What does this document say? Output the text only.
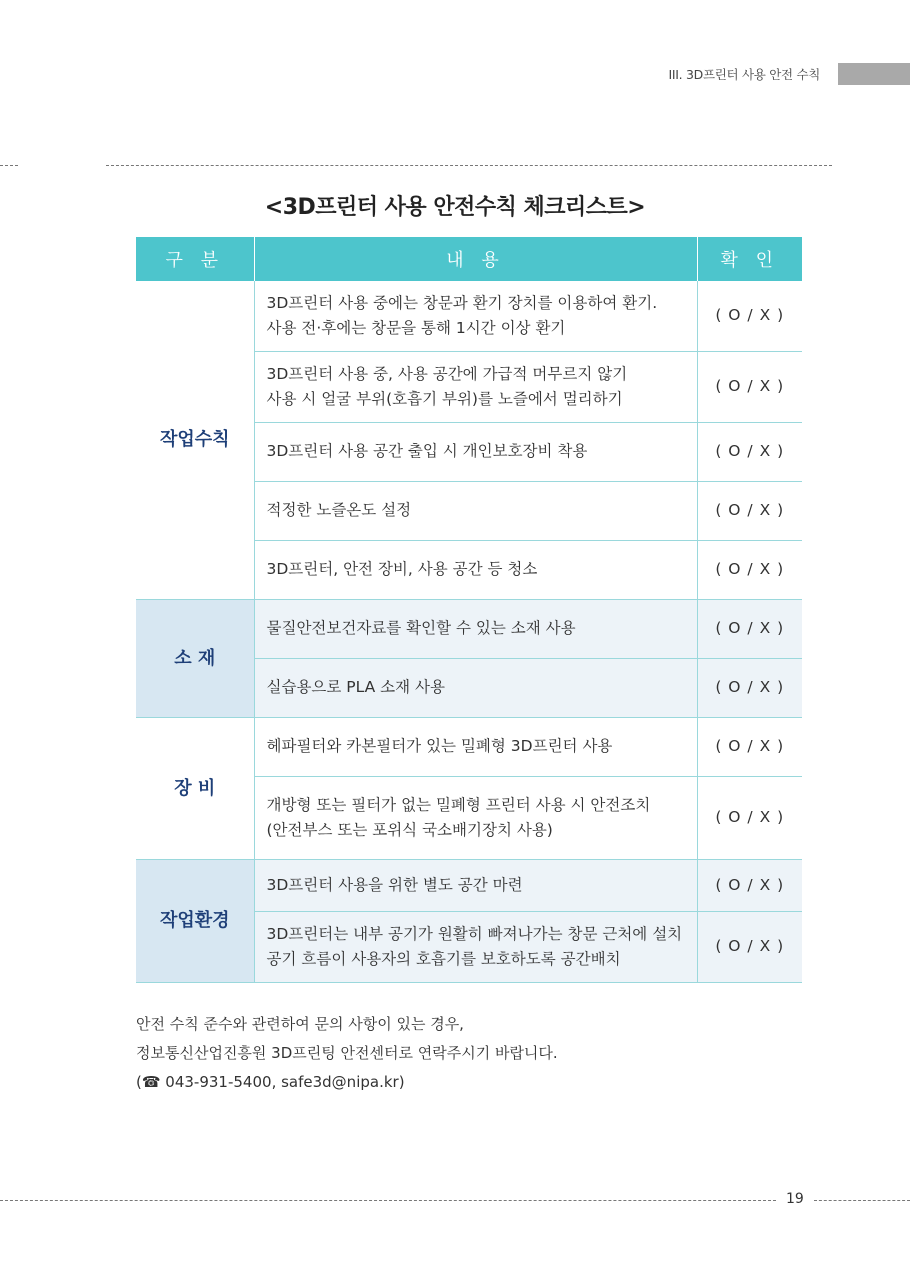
III. 3D프린터 사용 안전 수칙
<3D프린터 사용 안전수칙 체크리스트>
구 분	내 용	확 인
작업수칙	3D프린터 사용 중에는 창문과 환기 장치를 이용하여 환기.
사용 전·후에는 창문을 통해 1시간 이상 환기	( O / X )

	3D프린터 사용 중, 사용 공간에 가급적 머무르지 않기
사용 시 얼굴 부위(호흡기 부위)를 노즐에서 멀리하기	( O / X )

	3D프린터 사용 공간 출입 시 개인보호장비 착용	( O / X )

	적정한 노즐온도 설정	( O / X )

	3D프린터, 안전 장비, 사용 공간 등 청소	( O / X )
소 재	물질안전보건자료를 확인할 수 있는 소재 사용	( O / X )

	실습용으로 PLA 소재 사용	( O / X )
장 비	헤파필터와 카본필터가 있는 밀폐형 3D프린터 사용	( O / X )

	개방형 또는 필터가 없는 밀폐형 프린터 사용 시 안전조치
(안전부스 또는 포위식 국소배기장치 사용)	( O / X )
작업환경	3D프린터 사용을 위한 별도 공간 마련	( O / X )

	3D프린터는 내부 공기가 원활히 빠져나가는 창문 근처에 설치
공기 흐름이 사용자의 호흡기를 보호하도록 공간배치	( O / X )
안전 수칙 준수와 관련하여 문의 사항이 있는 경우,
정보통신산업진흥원 3D프린팅 안전센터로 연락주시기 바랍니다.
(☎ 043-931-5400, safe3d@nipa.kr)
19
